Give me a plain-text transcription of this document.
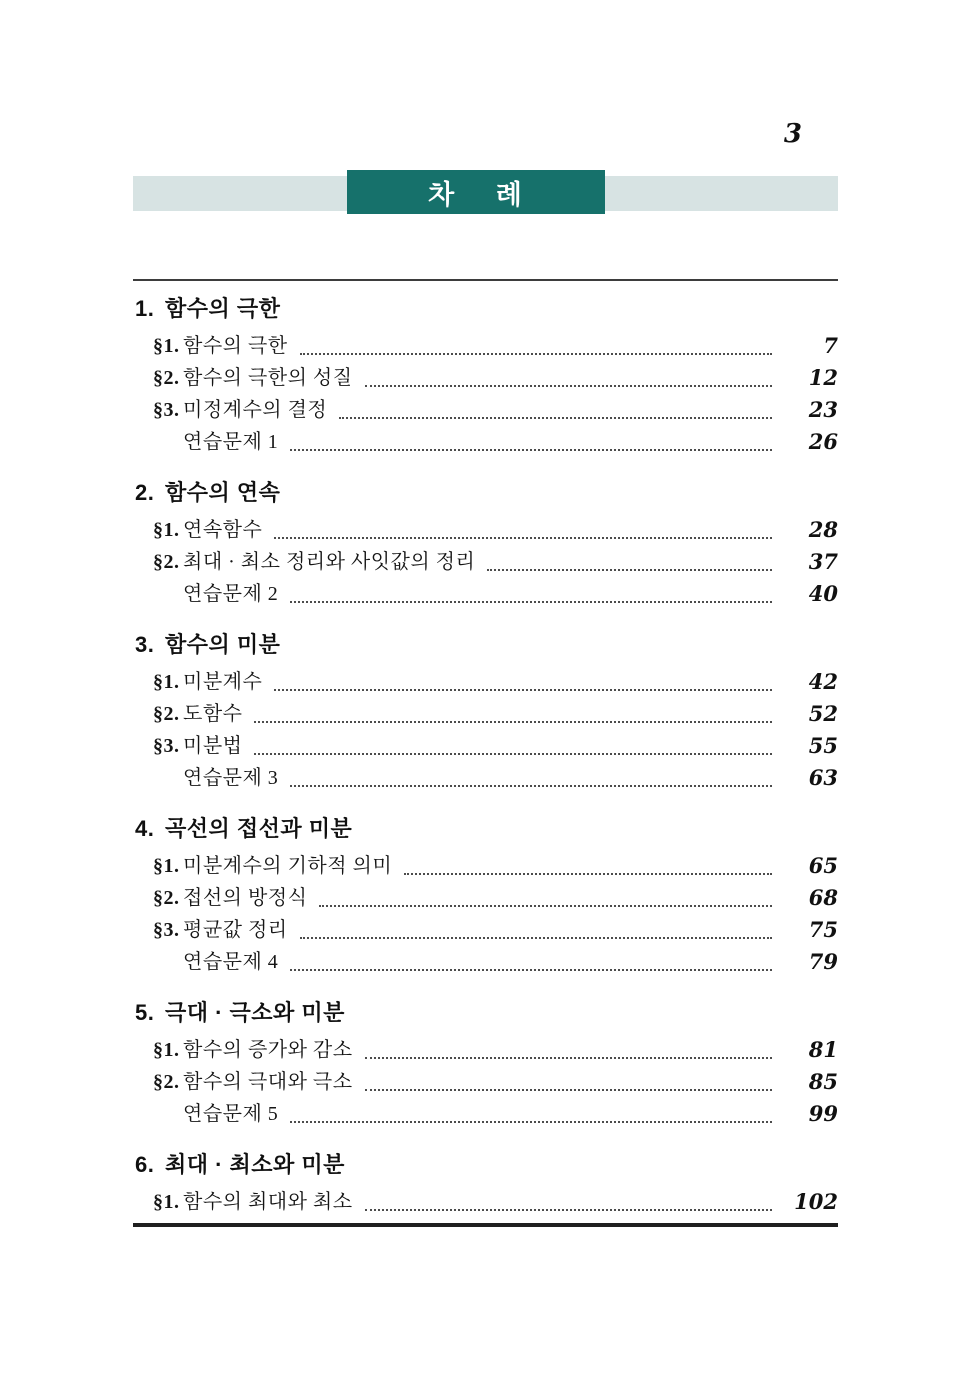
3
차 례
1. 함수의 극한
§1. 함수의 극한	7
§2. 함수의 극한의 성질	12
§3. 미정계수의 결정	23
연습문제 1	26
2. 함수의 연속
§1. 연속함수	28
§2. 최대 · 최소 정리와 사잇값의 정리	37
연습문제 2	40
3. 함수의 미분
§1. 미분계수	42
§2. 도함수	52
§3. 미분법	55
연습문제 3	63
4. 곡선의 접선과 미분
§1. 미분계수의 기하적 의미	65
§2. 접선의 방정식	68
§3. 평균값 정리	75
연습문제 4	79
5. 극대 · 극소와 미분
§1. 함수의 증가와 감소	81
§2. 함수의 극대와 극소	85
연습문제 5	99
6. 최대 · 최소와 미분
§1. 함수의 최대와 최소	102
